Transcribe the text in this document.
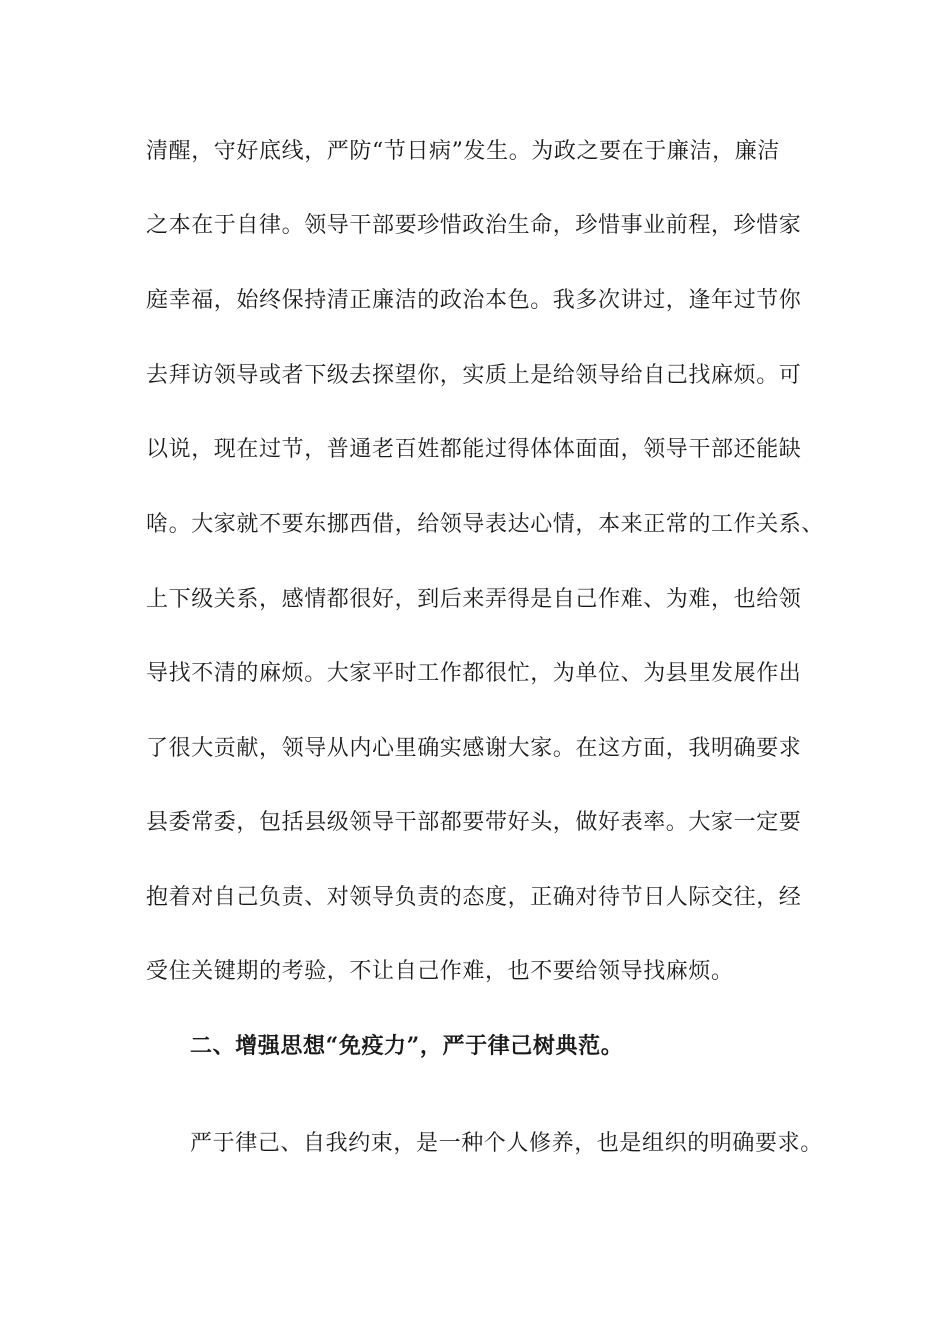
清醒，守好底线，严防“节日病”发生。为政之要在于廉洁，廉洁
之本在于自律。领导干部要珍惜政治生命，珍惜事业前程，珍惜家
庭幸福，始终保持清正廉洁的政治本色。我多次讲过，逢年过节你
去拜访领导或者下级去探望你，实质上是给领导给自己找麻烦。可
以说，现在过节，普通老百姓都能过得体体面面，领导干部还能缺
啥。大家就不要东挪西借，给领导表达心情，本来正常的工作关系、
上下级关系，感情都很好，到后来弄得是自己作难、为难，也给领
导找不清的麻烦。大家平时工作都很忙，为单位、为县里发展作出
了很大贡献，领导从内心里确实感谢大家。在这方面，我明确要求
县委常委，包括县级领导干部都要带好头，做好表率。大家一定要
抱着对自己负责、对领导负责的态度，正确对待节日人际交往，经
受住关键期的考验，不让自己作难，也不要给领导找麻烦。
二、增强思想“免疫力”，严于律己树典范。
严于律己、自我约束，是一种个人修养，也是组织的明确要求。
